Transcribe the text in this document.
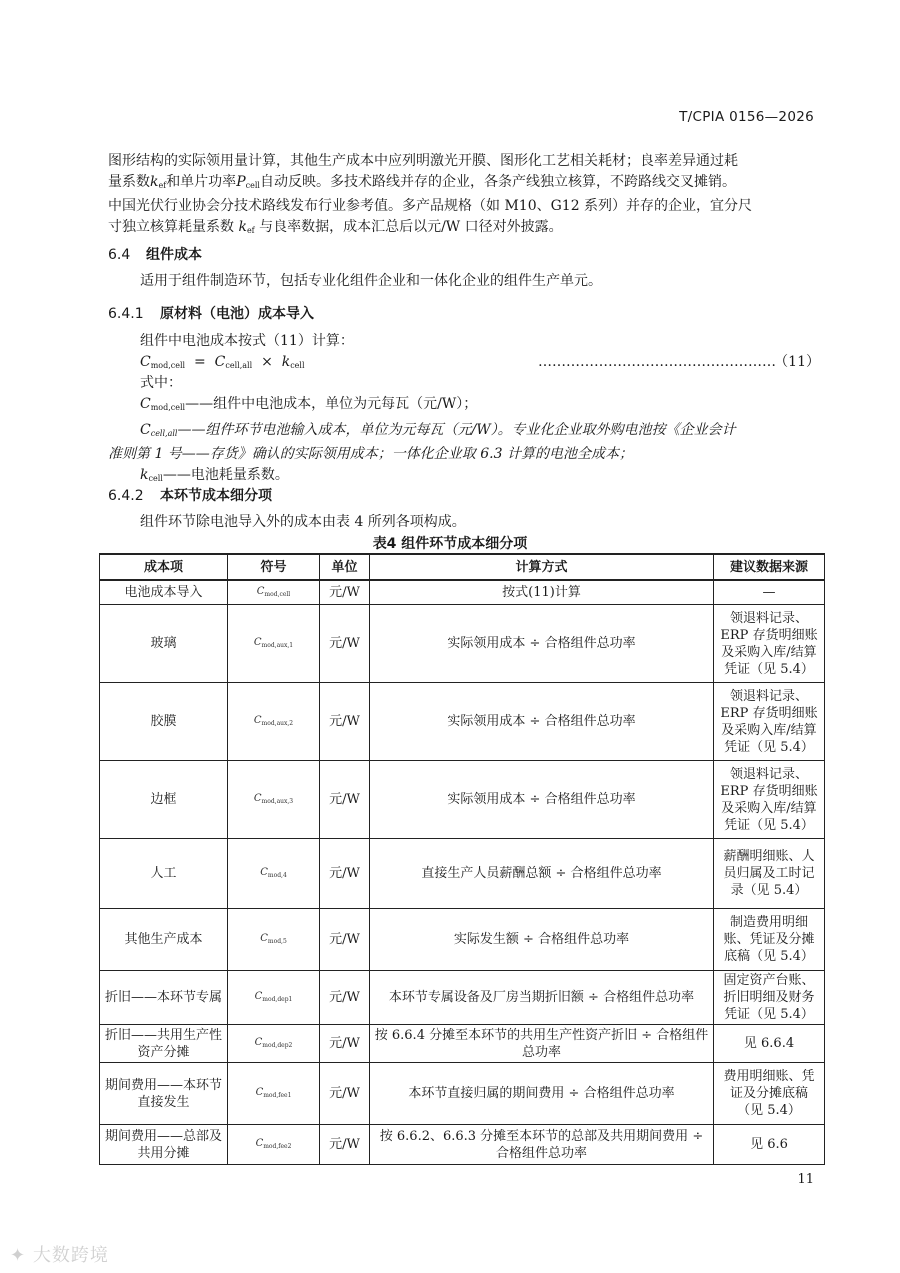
T/CPIA 0156—2026
图形结构的实际领用量计算，其他生产成本中应列明激光开膜、图形化工艺相关耗材；良率差异通过耗
量系数$k_{ef}$和单片功率$P_{cell}$自动反映。多技术路线并存的企业，各条产线独立核算，不跨路线交叉摊销。
中国光伏行业协会分技术路线发布行业参考值。多产品规格（如 M10、G12 系列）并存的企业，宜分尺
寸独立核算耗量系数 $k_{ef}$ 与良率数据，成本汇总后以元/W 口径对外披露。
6.4 组件成本
适用于组件制造环节，包括专业化组件企业和一体化企业的组件生产单元。
6.4.1 原材料（电池）成本导入
组件中电池成本按式（11）计算：
$C_{mod,cell} = C_{cell,all} \times k_{cell}$	……………………………………………
（11）
式中：
$C_{mod,cell}——$组件中电池成本，单位为元每瓦（元/W）；
$C_{cell,all}——$组件环节电池输入成本，单位为元每瓦（元/W）。专业化企业取外购电池按《企业会计
准则第 1 号——存货》确认的实际领用成本；一体化企业取 6.3 计算的电池全成本；
$k_{cell}——$电池耗量系数。
6.4.2 本环节成本细分项
组件环节除电池导入外的成本由表 4 所列各项构成。
表4 组件环节成本细分项
成本项	符号	单位	计算方式	建议数据来源
电池成本导入	$C_{mod,cell}$	元/W	按式(11)计算	—
玻璃	$C_{mod,aux,1}$	元/W	实际领用成本 ÷ 合格组件总功率	领退料记录、ERP 存货明细账及采购入库/结算凭证（见 5.4）
胶膜	$C_{mod,aux,2}$	元/W	实际领用成本 ÷ 合格组件总功率	领退料记录、ERP 存货明细账及采购入库/结算凭证（见 5.4）
边框	$C_{mod,aux,3}$	元/W	实际领用成本 ÷ 合格组件总功率	领退料记录、ERP 存货明细账及采购入库/结算凭证（见 5.4）
人工	$C_{mod,4}$	元/W	直接生产人员薪酬总额 ÷ 合格组件总功率	薪酬明细账、人员归属及工时记录（见 5.4）
其他生产成本	$C_{mod,5}$	元/W	实际发生额 ÷ 合格组件总功率	制造费用明细账、凭证及分摊底稿（见 5.4）
折旧——本环节专属	$C_{mod,dep1}$	元/W	本环节专属设备及厂房当期折旧额 ÷ 合格组件总功率	固定资产台账、折旧明细及财务凭证（见 5.4）
折旧——共用生产性资产分摊	$C_{mod,dep2}$	元/W	按 6.6.4 分摊至本环节的共用生产性资产折旧 ÷ 合格组件总功率	见 6.6.4
期间费用——本环节直接发生	$C_{mod,fee1}$	元/W	本环节直接归属的期间费用 ÷ 合格组件总功率	费用明细账、凭证及分摊底稿（见 5.4）
期间费用——总部及共用分摊	$C_{mod,fee2}$	元/W	按 6.6.2、6.6.3 分摊至本环节的总部及共用期间费用 ÷ 合格组件总功率	见 6.6
11
✦ 大数跨境
